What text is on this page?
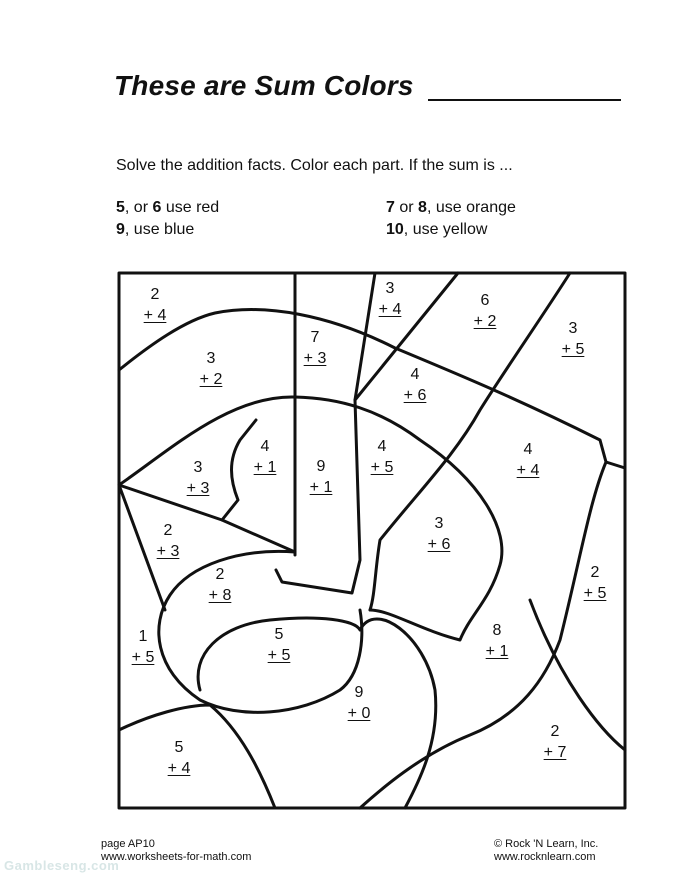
These are Sum Colors
Solve the addition facts. Color each part. If the sum is ...
5, or 6 use red	7 or 8, use orange
9, use blue	10, use yellow
2
+ 4
3
+ 4
6
+ 2	3
+ 5
7
+ 3
3
+ 2	4
+ 6
4
+ 1	9
+ 1
4
+ 5
4
+ 4
3
+ 3
3
+ 6
2
+ 3
2
+ 8
2
+ 5
1
+ 5
5
+ 5
8
+ 1
9
+ 0
5
+ 4
2
+ 7
page AP10
www.worksheets-for-math.com
© Rock 'N Learn, Inc.
www.rocknlearn.com
Gambleseng.com
